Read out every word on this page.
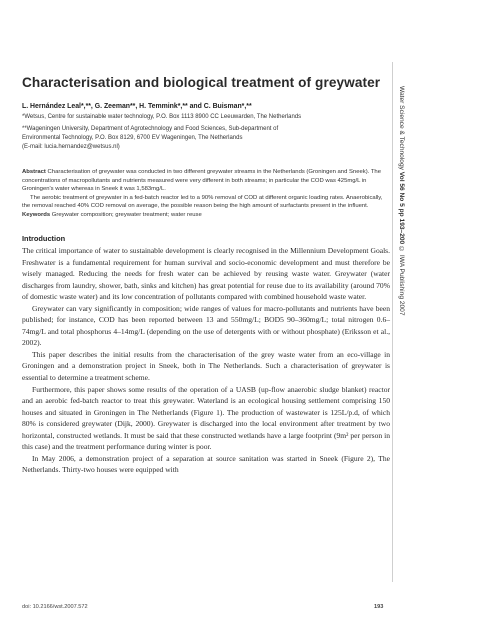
Characterisation and biological treatment of greywater
L. Hernández Leal*,**, G. Zeeman**, H. Temmink*,** and C. Buisman*,**
*Wetsus, Centre for sustainable water technology, P.O. Box 1113 8900 CC Leeuwarden, The Netherlands
**Wageningen University, Department of Agrotechnology and Food Sciences, Sub-department of
Environmental Technology, P.O. Box 8129, 6700 EV Wageningen, The Netherlands
(E-mail: lucia.hernandez@wetsus.nl)

Abstract Characterisation of greywater was conducted in two different greywater streams in the Netherlands (Groningen and Sneek). The concentrations of macropollutants and nutrients measured were very different in both streams; in particular the COD was 425mg/L in Groningen's water whereas in Sneek it was 1,583mg/L.

The aerobic treatment of greywater in a fed-batch reactor led to a 90% removal of COD at different organic loading rates. Anaerobically, the removal reached 40% COD removal on average, the possible reason being the high amount of surfactants present in the influent.

Keywords Greywater composition; greywater treatment; water reuse
Introduction

The critical importance of water to sustainable development is clearly recognised in the Millennium Development Goals. Freshwater is a fundamental requirement for human survival and socio-economic development and must therefore be wisely managed. Reducing the needs for fresh water can be achieved by reusing waste water. Greywater (water discharges from laundry, shower, bath, sinks and kitchen) has great potential for reuse due to its availability (around 70% of domestic waste water) and its low concentration of pollutants compared with combined household waste water.

Greywater can vary significantly in composition; wide ranges of values for macro-pollutants and nutrients have been published; for instance, COD has been reported between 13 and 550mg/L; BOD5 90–360mg/L; total nitrogen 0.6–74mg/L and total phosphorus 4–14mg/L (depending on the use of detergents with or without phosphate) (Eriksson et al., 2002).

This paper describes the initial results from the characterisation of the grey waste water from an eco-village in Groningen and a demonstration project in Sneek, both in The Netherlands. Such a characterisation of greywater is essential to determine a treatment scheme.

Furthermore, this paper shows some results of the operation of a UASB (up-flow anaerobic sludge blanket) reactor and an aerobic fed-batch reactor to treat this greywater. Waterland is an ecological housing settlement comprising 150 houses and situated in Groningen in The Netherlands (Figure 1). The production of wastewater is 125L/p.d, of which 80% is considered greywater (Dijk, 2000). Greywater is discharged into the local environment after treatment by two horizontal, constructed wetlands. It must be said that these constructed wetlands have a large footprint (9m² per person in this case) and the treatment performance during winter is poor.

In May 2006, a demonstration project of a separation at source sanitation was started in Sneek (Figure 2), The Netherlands. Thirty-two houses were equipped with

Water Science & Technology Vol 56 No 5 pp 193–200 © IWA Publishing 2007
doi: 10.2166/wst.2007.572	193
